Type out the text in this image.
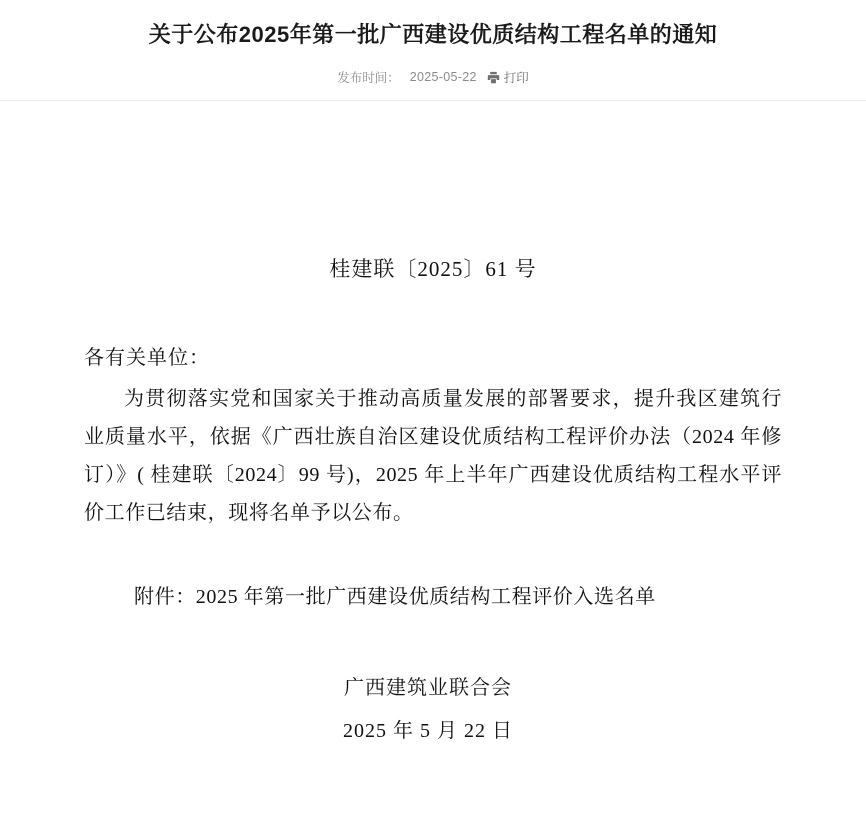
关于公布2025年第一批广西建设优质结构工程名单的通知
发布时间： 2025-05-22 打印
桂建联〔2025〕61 号
各有关单位：
为贯彻落实党和国家关于推动高质量发展的部署要求，提升我区建筑行业质量水平，依据《广西壮族自治区建设优质结构工程评价办法（2024 年修订）》( 桂建联〔2024〕99 号)，2025 年上半年广西建设优质结构工程水平评价工作已结束，现将名单予以公布。
附件：2025 年第一批广西建设优质结构工程评价入选名单
广西建筑业联合会
2025 年 5 月 22 日
